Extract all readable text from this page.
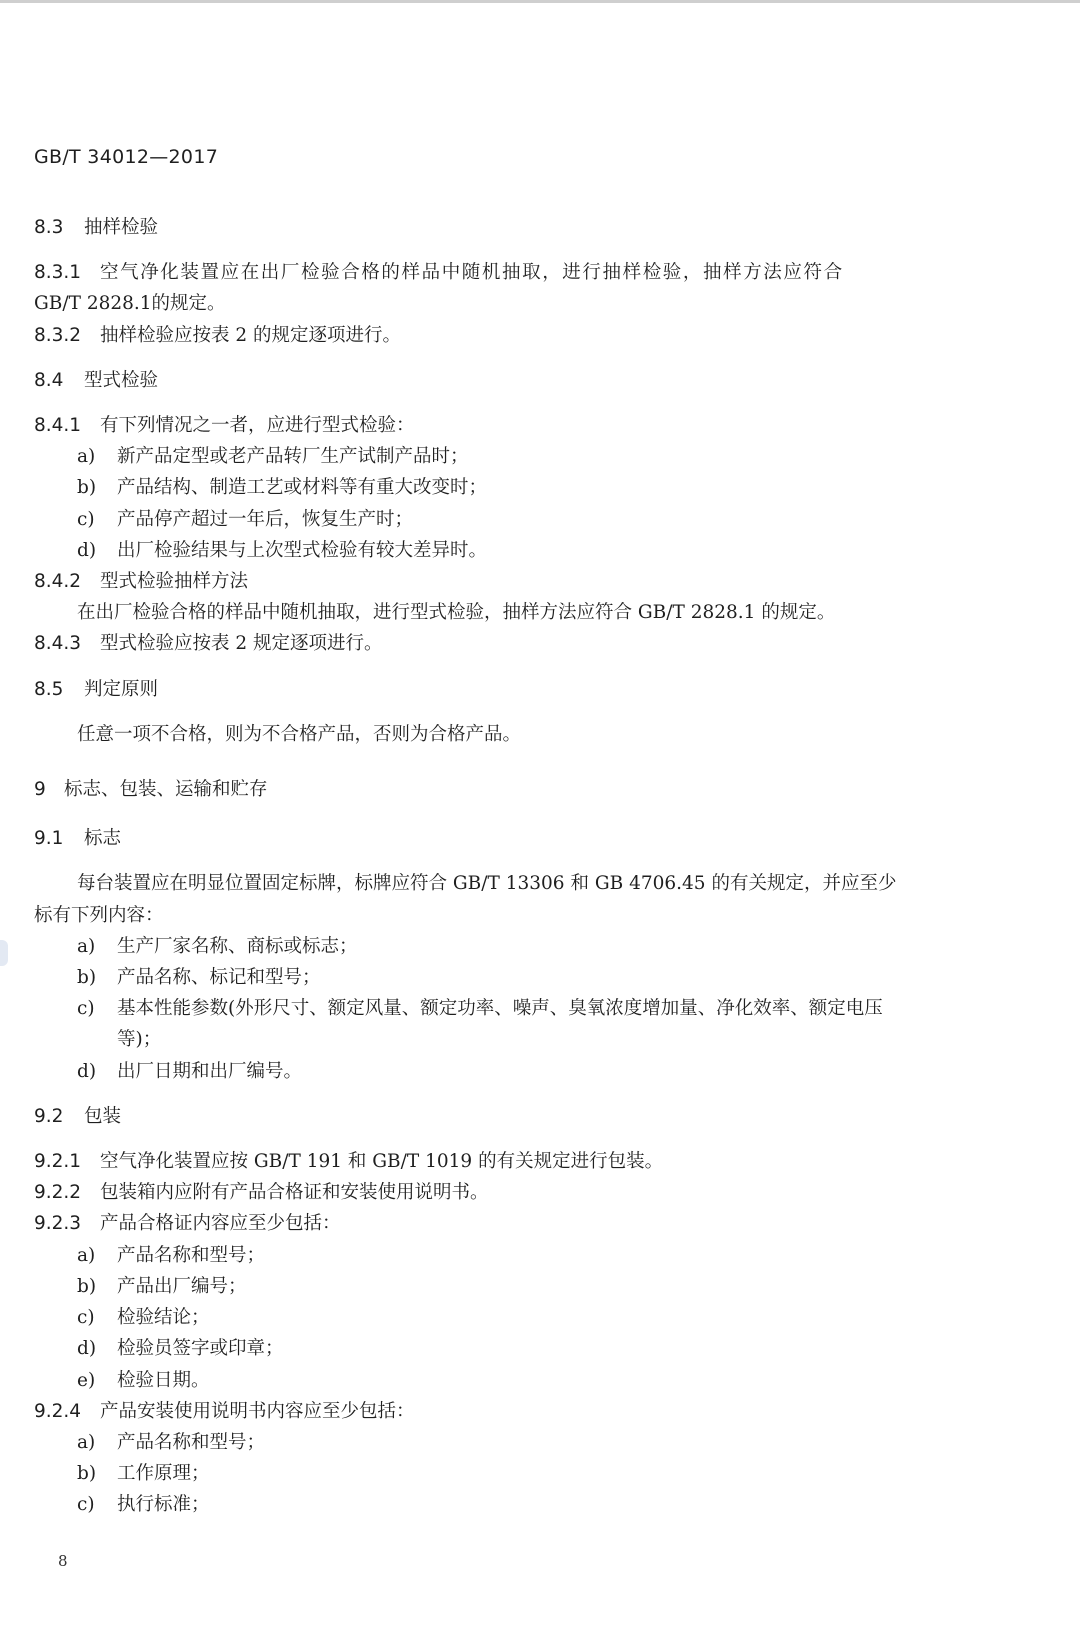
GB/T 34012—2017
8.3 抽样检验
8.3.1 空气净化装置应在出厂检验合格的样品中随机抽取，进行抽样检验，抽样方法应符合
GB/T 2828.1的规定。
8.3.2 抽样检验应按表 2 的规定逐项进行。
8.4 型式检验
8.4.1 有下列情况之一者，应进行型式检验：
a) 新产品定型或老产品转厂生产试制产品时；
b) 产品结构、制造工艺或材料等有重大改变时；
c) 产品停产超过一年后，恢复生产时；
d) 出厂检验结果与上次型式检验有较大差异时。
8.4.2 型式检验抽样方法
在出厂检验合格的样品中随机抽取，进行型式检验，抽样方法应符合 GB/T 2828.1 的规定。
8.4.3 型式检验应按表 2 规定逐项进行。
8.5 判定原则
任意一项不合格，则为不合格产品，否则为合格产品。
9 标志、包装、运输和贮存
9.1 标志
每台装置应在明显位置固定标牌，标牌应符合 GB/T 13306 和 GB 4706.45 的有关规定，并应至少
标有下列内容：
a) 生产厂家名称、商标或标志；
b) 产品名称、标记和型号；
c) 基本性能参数(外形尺寸、额定风量、额定功率、噪声、臭氧浓度增加量、净化效率、额定电压
等)；
d) 出厂日期和出厂编号。
9.2 包装
9.2.1 空气净化装置应按 GB/T 191 和 GB/T 1019 的有关规定进行包装。
9.2.2 包装箱内应附有产品合格证和安装使用说明书。
9.2.3 产品合格证内容应至少包括：
a) 产品名称和型号；
b) 产品出厂编号；
c) 检验结论；
d) 检验员签字或印章；
e) 检验日期。
9.2.4 产品安装使用说明书内容应至少包括：
a) 产品名称和型号；
b) 工作原理；
c) 执行标准；
8
